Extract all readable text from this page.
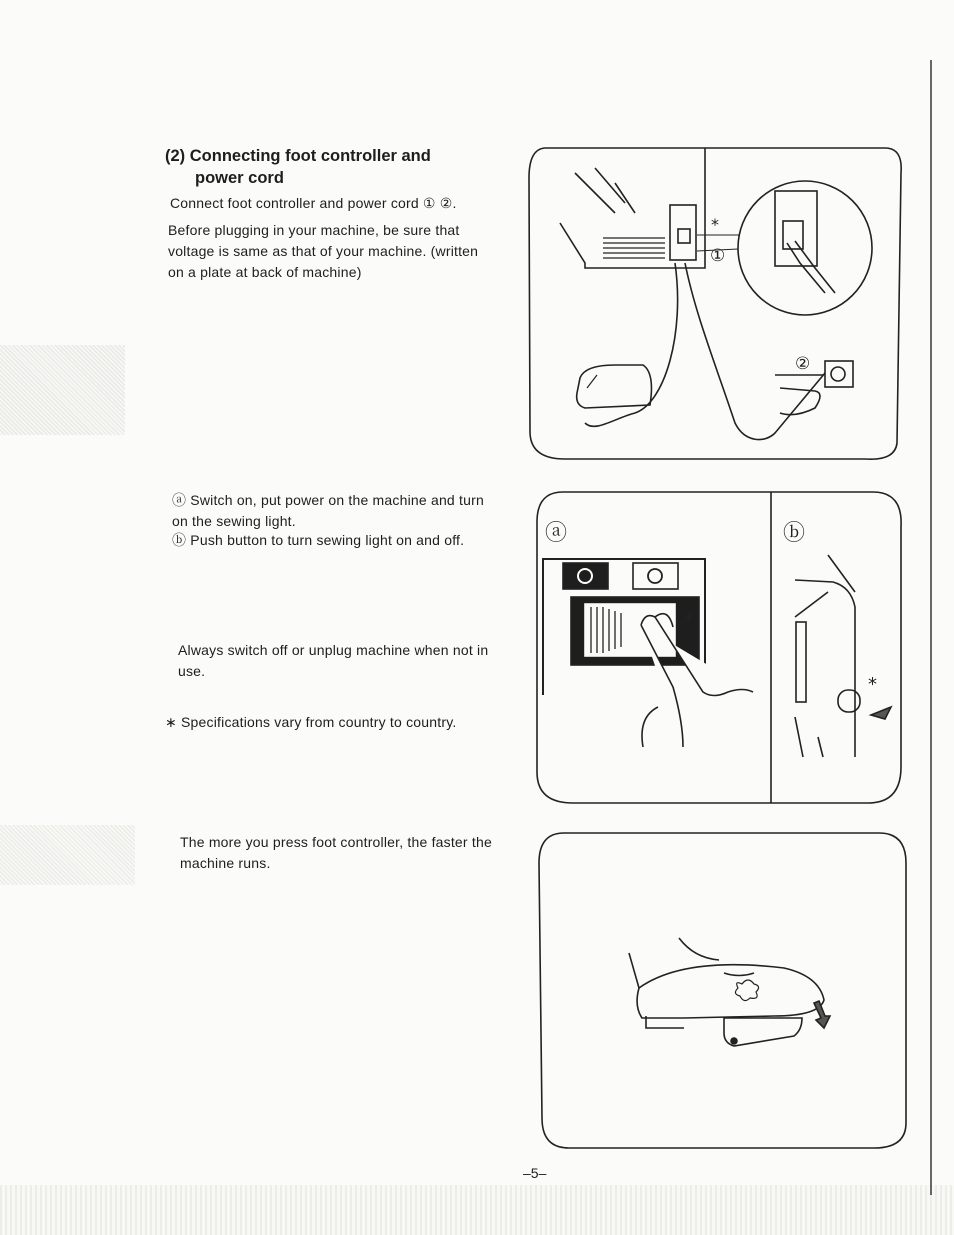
(2) Connecting foot controller and
power cord

Connect foot controller and power cord ① ②.

Before plugging in your machine, be sure that voltage is same as that of your machine. (written on a plate at back of machine)

ⓐ Switch on, put power on the machine and turn on the sewing light.

ⓑ Push button to turn sewing light on and off.

Always switch off or unplug machine when not in use.

∗ Specifications vary from country to country.

The more you press foot controller, the faster the machine runs.

*
①
②
ⓐ	ⓑ
*
*
–5–
